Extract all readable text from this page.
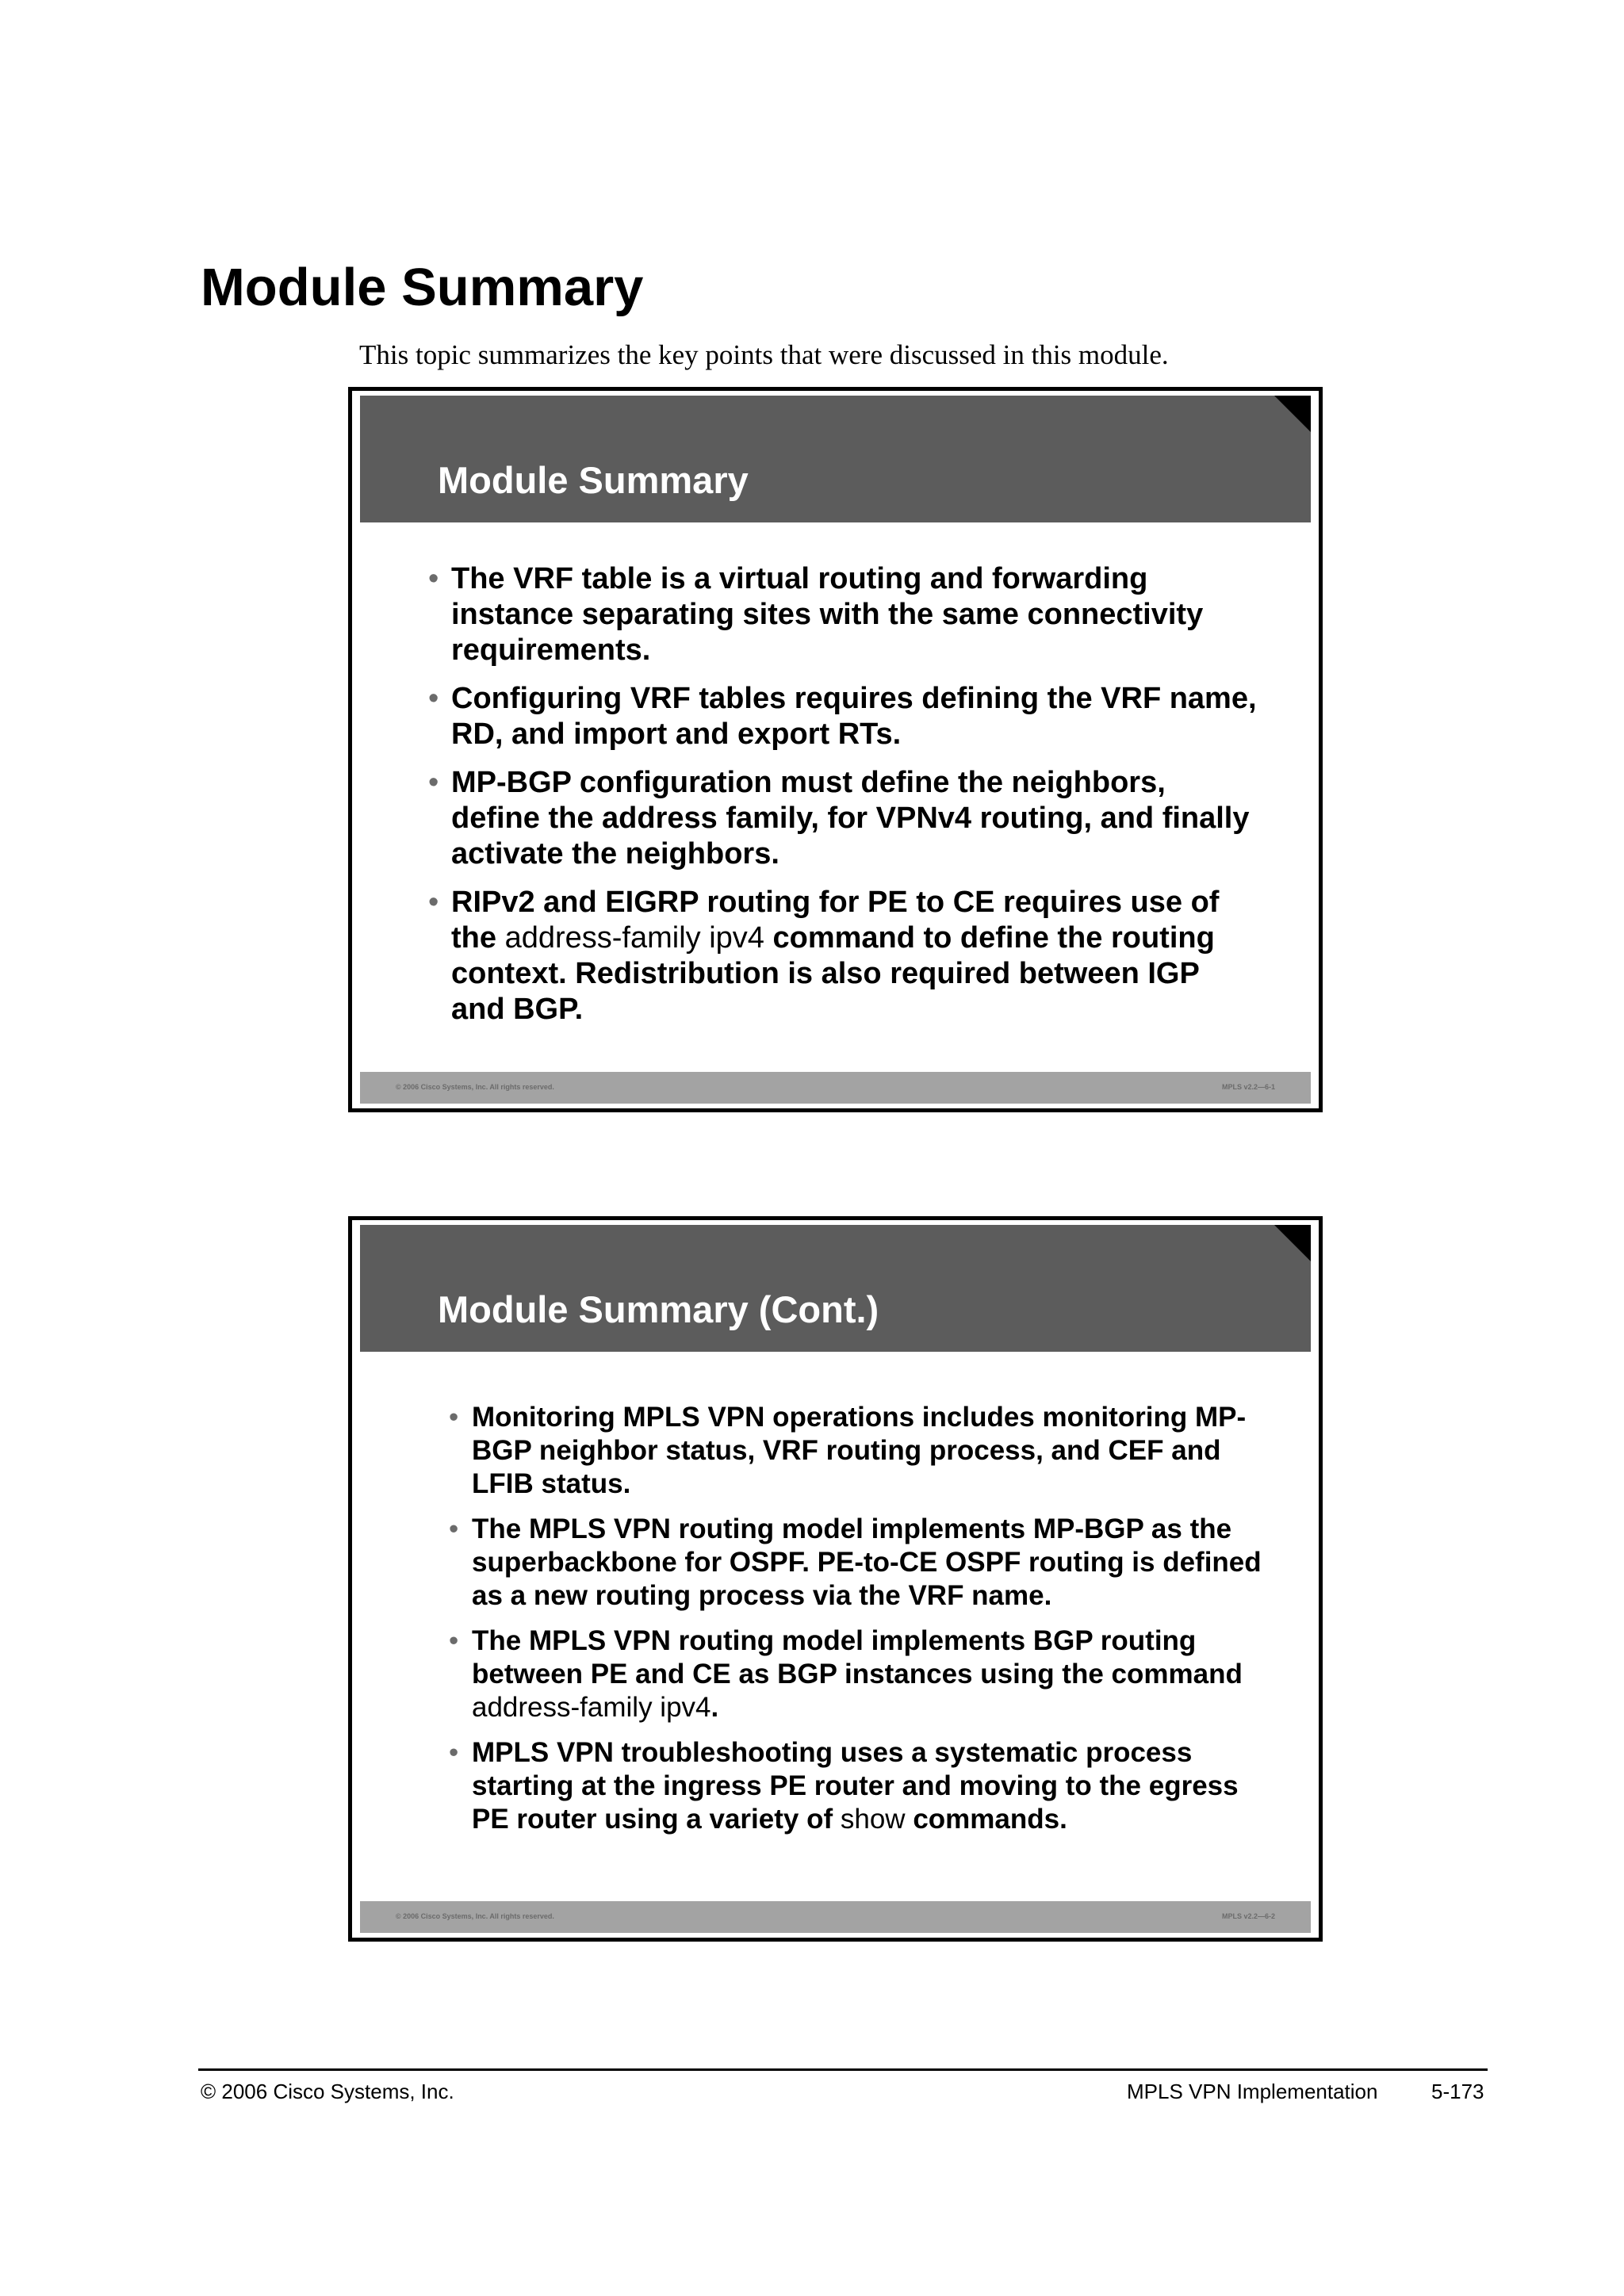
Module Summary
This topic summarizes the key points that were discussed in this module.
Module Summary
• The VRF table is a virtual routing and forwarding instance separating sites with the same connectivity requirements.
• Configuring VRF tables requires defining the VRF name, RD, and import and export RTs.
• MP-BGP configuration must define the neighbors, define the address family, for VPNv4 routing, and finally activate the neighbors.
• RIPv2 and EIGRP routing for PE to CE requires use of the address-family ipv4 command to define the routing context. Redistribution is also required between IGP and BGP.
© 2006 Cisco Systems, Inc. All rights reserved.	MPLS v2.2—6-1
Module Summary (Cont.)
• Monitoring MPLS VPN operations includes monitoring MP-BGP neighbor status, VRF routing process, and CEF and LFIB status.
• The MPLS VPN routing model implements MP-BGP as the superbackbone for OSPF. PE-to-CE OSPF routing is defined as a new routing process via the VRF name.
• The MPLS VPN routing model implements BGP routing between PE and CE as BGP instances using the command address-family ipv4.
• MPLS VPN troubleshooting uses a systematic process starting at the ingress PE router and moving to the egress PE router using a variety of show commands.
© 2006 Cisco Systems, Inc. All rights reserved.	MPLS v2.2—6-2
© 2006 Cisco Systems, Inc.	MPLS VPN Implementation	5-173
